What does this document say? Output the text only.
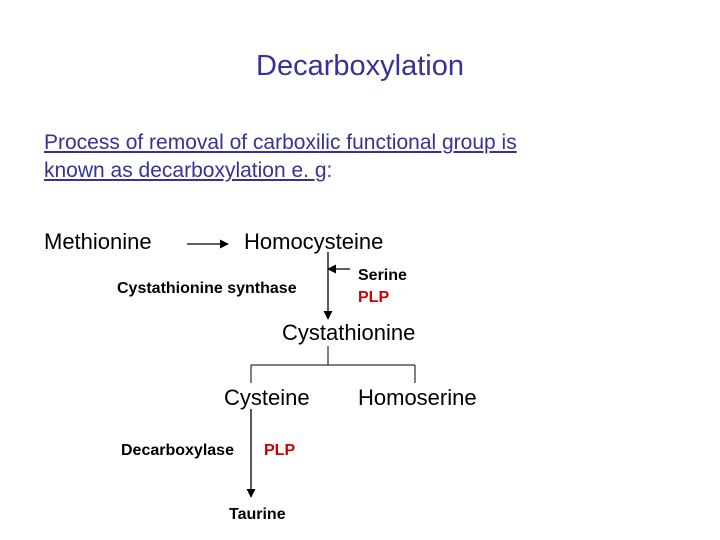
Decarboxylation
Process of removal of carboxilic functional group is
known as decarboxylation e. g:
Methionine	Homocysteine
Cystathionine synthase
Serine
PLP
Cystathionine
Cysteine Homoserine
Decarboxylase PLP
Taurine
